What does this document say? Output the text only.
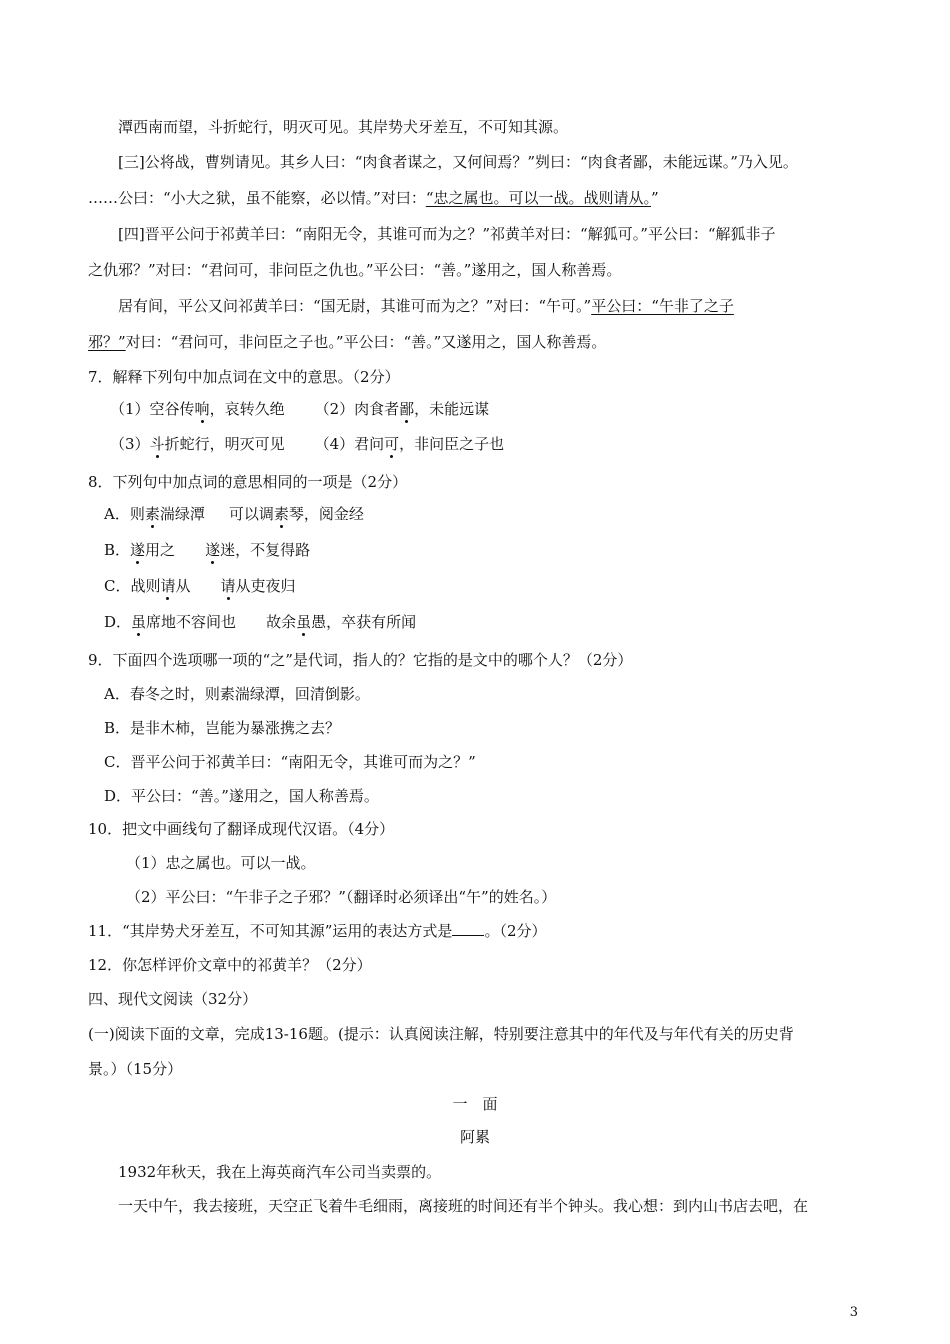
潭西南而望，斗折蛇行，明灭可见。其岸势犬牙差互，不可知其源。
[三]公将战，曹刿请见。其乡人曰：“肉食者谋之，又何间焉？”刿曰：“肉食者鄙，未能远谋。”乃入见。
……公曰：“小大之狱，虽不能察，必以情。”对曰：“忠之属也。可以一战。战则请从。”
[四]晋平公问于祁黄羊曰：“南阳无令，其谁可而为之？”祁黄羊对曰：“解狐可。”平公曰：“解狐非子
之仇邪？”对曰：“君问可，非问臣之仇也。”平公曰：“善。”遂用之，国人称善焉。
居有间，平公又问祁黄羊曰：“国无尉，其谁可而为之？”对曰：“午可。”平公曰：“午非了之子
邪？”对曰：“君问可，非问臣之子也。”平公曰：“善。”又遂用之，国人称善焉。
7．解释下列句中加点词在文中的意思。（2分）
（1）空谷传响，哀转久绝 （2）肉食者鄙，未能远谋
（3）斗折蛇行，明灭可见 （4）君问可，非问臣之子也
8．下列句中加点词的意思相同的一项是（2分）
A．则素湍绿潭 可以调素琴，阅金经
B．遂用之 遂迷，不复得路
C．战则请从 请从吏夜归
D．虽席地不容间也 故余虽愚，卒获有所闻
9．下面四个选项哪一项的“之”是代词，指人的？它指的是文中的哪个人？（2分）
A．春冬之时，则素湍绿潭，回清倒影。
B．是非木柿，岂能为暴涨携之去？
C．晋平公问于祁黄羊曰：“南阳无令，其谁可而为之？”
D．平公曰：“善。”遂用之，国人称善焉。
10．把文中画线句了翻译成现代汉语。（4分）
（1）忠之属也。可以一战。
（2）平公曰：“午非子之子邪？”（翻译时必须译出“午”的姓名。）
11．“其岸势犬牙差互，不可知其源”运用的表达方式是 。（2分）
12．你怎样评价文章中的祁黄羊？（2分）
四、现代文阅读（32分）
(一)阅读下面的文章，完成13-16题。(提示：认真阅读注解，特别要注意其中的年代及与年代有关的历史背
景。）（15分）
一　面
阿累
1932年秋天，我在上海英商汽车公司当卖票的。
一天中午，我去接班，天空正飞着牛毛细雨，离接班的时间还有半个钟头。我心想：到内山书店去吧，在
3
